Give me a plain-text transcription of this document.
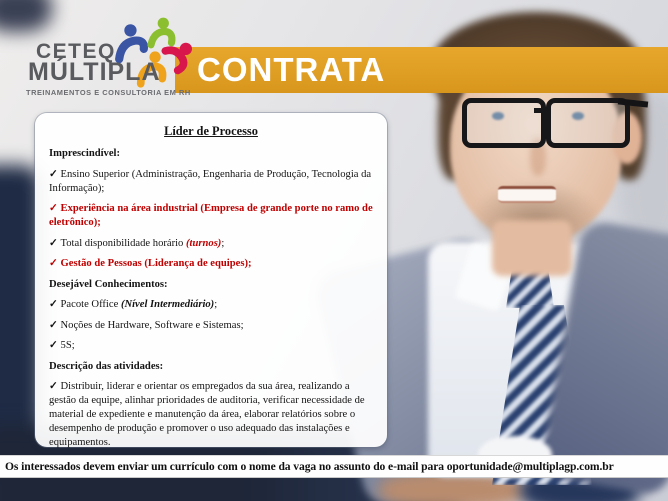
CONTRATA
CETEQ
MÚLTIPLA
TREINAMENTOS E CONSULTORIA EM RH
Líder de Processo
Imprescindível:
✓ Ensino Superior (Administração, Engenharia de Produção, Tecnologia da Informação);
✓ Experiência na área industrial (Empresa de grande porte no ramo de eletrônico);
✓ Total disponibilidade horário (turnos);
✓ Gestão de Pessoas (Liderança de equipes);
Desejável Conhecimentos:
✓ Pacote Office (Nível Intermediário);
✓ Noções de Hardware, Software e Sistemas;
✓ 5S;
Descrição das atividades:
✓ Distribuir, liderar e orientar os empregados da sua área, realizando a gestão da equipe, alinhar prioridades de auditoria, verificar necessidade de material de expediente e manutenção da área, elaborar relatórios sobre o desempenho de produção e promover o uso adequado das instalações e equipamentos.
Os interessados devem enviar um currículo com o nome da vaga no assunto do e-mail para oportunidade@multiplagp.com.br
